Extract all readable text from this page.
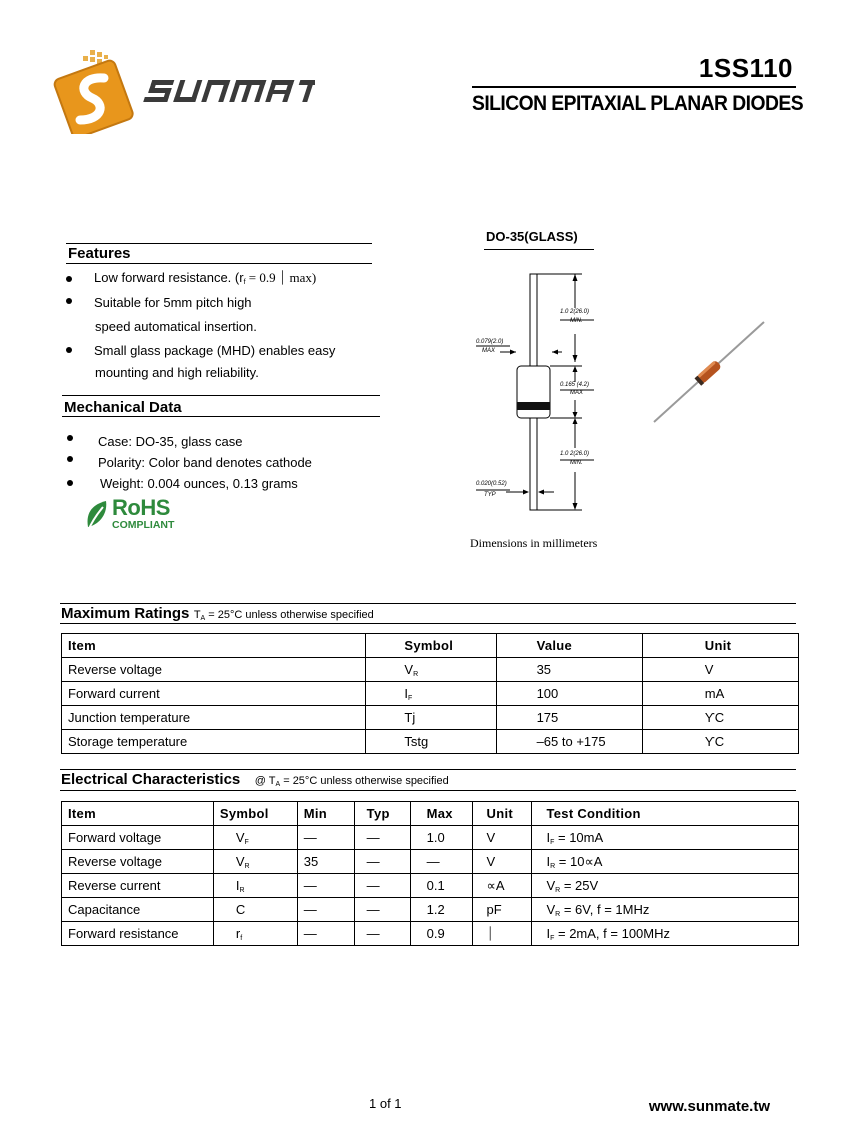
1SS110
SILICON EPITAXIAL PLANAR DIODES
Features
Low forward resistance. ($r_f = 0.9$ ⏐ max)
Suitable for 5mm pitch high
speed automatical insertion.
Small glass package (MHD) enables easy
mounting and high reliability.
Mechanical Data
Case: DO-35, glass case
Polarity: Color band denotes cathode
Weight: 0.004 ounces, 0.13 grams
RoHS
COMPLIANT
DO-35(GLASS)
1.0 2(26.0)
MIN.
0.079(2.0)
MAX
0.165 (4.2)
MAX
1.0 2(26.0)
MIN.
0.020(0.52)
TYP
Dimensions in millimeters
Maximum Ratings $T_A = 25^\circ C$ unless otherwise specified
Item	Symbol	Value	Unit
Reverse voltage	$V_R$	35	V
Forward current	$I_F$	100	mA
Junction temperature	Tj	175	ϒC
Storage temperature	Tstg	–65 to +175	ϒC
Electrical Characteristics @ $T_A = 25^\circ C$ unless otherwise specified
Item	Symbol	Min	Typ	Max	Unit	Test Condition
Forward voltage	$V_F$	—	—	1.0	V	$I_F = 10mA$
Reverse voltage	$V_R$	35	—	—	V	$I_R = 10\propto A$
Reverse current	$I_R$	—	—	0.1	∝A	$V_R = 25V$
Capacitance	C	—	—	1.2	pF	$V_R = 6V$, f = 1MHz
Forward resistance	$r_f$	—	—	0.9	⏐	$I_F = 2mA$, f = 100MHz
1 of 1	www.sunmate.tw
